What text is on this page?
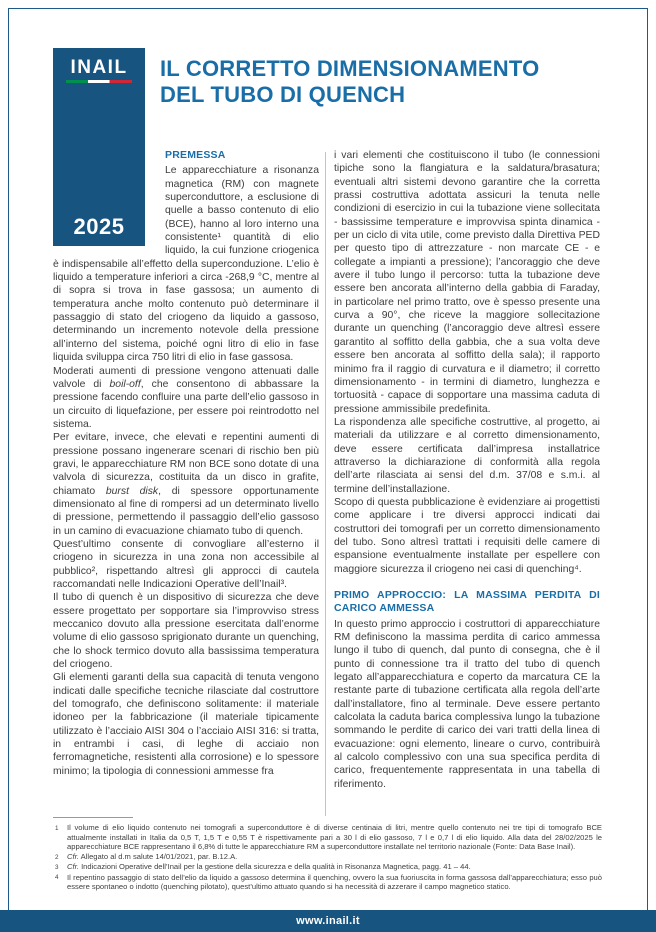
INAIL
2025
IL CORRETTO DIMENSIONAMENTO
DEL TUBO DI QUENCH
PREMESSA

Le apparecchiature a risonanza magnetica (RM) con magnete superconduttore, a esclusione di quelle a basso contenuto di elio (BCE), hanno al loro interno una consistente¹ quantità di elio liquido, la cui funzione criogenica è indispensabile all’effetto della superconduzione. L’elio è liquido a temperature inferiori a circa -268,9 °C, mentre al di sopra si trova in fase gassosa; un aumento di temperatura anche molto contenuto può determinare il passaggio di stato del criogeno da liquido a gassoso, determinando un incremento notevole della pressione all’interno del sistema, poiché ogni litro di elio in fase liquida sviluppa circa 750 litri di elio in fase gassosa.

Moderati aumenti di pressione vengono attenuati dalle valvole di boil-off, che consentono di abbassare la pressione facendo confluire una parte dell’elio gassoso in un circuito di liquefazione, per essere poi reintrodotto nel sistema.

Per evitare, invece, che elevati e repentini aumenti di pressione possano ingenerare scenari di rischio ben più gravi, le apparecchiature RM non BCE sono dotate di una valvola di sicurezza, costituita da un disco in grafite, chiamato burst disk, di spessore opportunamente dimensionato al fine di rompersi ad un determinato livello di pressione, permettendo il passaggio dell’elio gassoso in un camino di evacuazione chiamato tubo di quench.

Quest’ultimo consente di convogliare all’esterno il criogeno in sicurezza in una zona non accessibile al pubblico², rispettando altresì gli approcci di cautela raccomandati nelle Indicazioni Operative dell’Inail³.

Il tubo di quench è un dispositivo di sicurezza che deve essere progettato per sopportare sia l’improvviso stress meccanico dovuto alla pressione esercitata dall’enorme volume di elio gassoso sprigionato durante un quenching, che lo shock termico dovuto alla bassissima temperatura del criogeno.

Gli elementi garanti della sua capacità di tenuta vengono indicati dalle specifiche tecniche rilasciate dal costruttore del tomografo, che definiscono solitamente: il materiale idoneo per la fabbricazione (il materiale tipicamente utilizzato è l’acciaio AISI 304 o l’acciaio AISI 316: si tratta, in entrambi i casi, di leghe di acciaio non ferromagnetiche, resistenti alla corrosione) e lo spessore minimo; la tipologia di connessioni ammesse fra

i vari elementi che costituiscono il tubo (le connessioni tipiche sono la flangiatura e la saldatura/brasatura; eventuali altri sistemi devono garantire che la corretta prassi costruttiva adottata assicuri la tenuta nelle condizioni di esercizio in cui la tubazione viene sollecitata - bassissime temperature e improvvisa spinta dinamica - per un ciclo di vita utile, come previsto dalla Direttiva PED per questo tipo di attrezzature - non marcate CE - e collegate a impianti a pressione); l’ancoraggio che deve avere il tubo lungo il percorso: tutta la tubazione deve essere ben ancorata all’interno della gabbia di Faraday, in particolare nel primo tratto, ove è spesso presente una curva a 90°, che riceve la maggiore sollecitazione durante un quenching (l’ancoraggio deve altresì essere garantito al soffitto della gabbia, che a sua volta deve essere ben ancorata al soffitto della sala); il rapporto minimo fra il raggio di curvatura e il diametro; il corretto dimensionamento - in termini di diametro, lunghezza e tortuosità - capace di sopportare una massima caduta di pressione ammissibile predefinita.

La rispondenza alle specifiche costruttive, al progetto, ai materiali da utilizzare e al corretto dimensionamento, deve essere certificata dall’impresa installatrice attraverso la dichiarazione di conformità alla regola dell’arte rilasciata ai sensi del d.m. 37/08 e s.m.i. al termine dell’installazione.

Scopo di questa pubblicazione è evidenziare ai progettisti come applicare i tre diversi approcci indicati dai costruttori dei tomografi per un corretto dimensionamento del tubo. Sono altresì trattati i requisiti delle camere di espansione eventualmente installate per espellere con maggiore sicurezza il criogeno nei casi di quenching⁴.

PRIMO APPROCCIO: LA MASSIMA PERDITA DI CARICO AMMESSA

In questo primo approccio i costruttori di apparecchiature RM definiscono la massima perdita di carico ammessa lungo il tubo di quench, dal punto di consegna, che è il punto di connessione tra il tratto del tubo di quench legato all’apparecchiatura e coperto da marcatura CE la restante parte di tubazione certificata alla regola dell’arte dall’installatore, fino al terminale. Deve essere pertanto calcolata la caduta barica complessiva lungo la tubazione sommando le perdite di carico dei vari tratti della linea di evacuazione: ogni elemento, lineare o curvo, contribuirà al calcolo complessivo con una sua specifica perdita di carico, frequentemente rappresentata in una tabella di riferimento.

1	Il volume di elio liquido contenuto nei tomografi a superconduttore è di diverse centinaia di litri, mentre quello contenuto nei tre tipi di tomografo BCE attualmente installati in Italia da 0,5 T, 1,5 T e 0,55 T è rispettivamente pari a 30 l di elio gassoso, 7 l e 0,7 l di elio liquido. Alla data del 28/02/2025 le apparecchiature BCE rappresentano il 6,8% di tutte le apparecchiature RM a superconduttore installate nel territorio nazionale (Fonte: Data Base Inail).
2	Cfr. Allegato al d.m salute 14/01/2021, par. B.12.A.
3	Cfr. Indicazioni Operative dell’Inail per la gestione della sicurezza e della qualità in Risonanza Magnetica, pagg. 41 – 44.
4	Il repentino passaggio di stato dell’elio da liquido a gassoso determina il quenching, ovvero la sua fuoriuscita in forma gassosa dall’apparecchiatura; esso può essere spontaneo o indotto (quenching pilotato), quest’ultimo attuato quando si ha necessità di azzerare il campo magnetico statico.
www.inail.it
